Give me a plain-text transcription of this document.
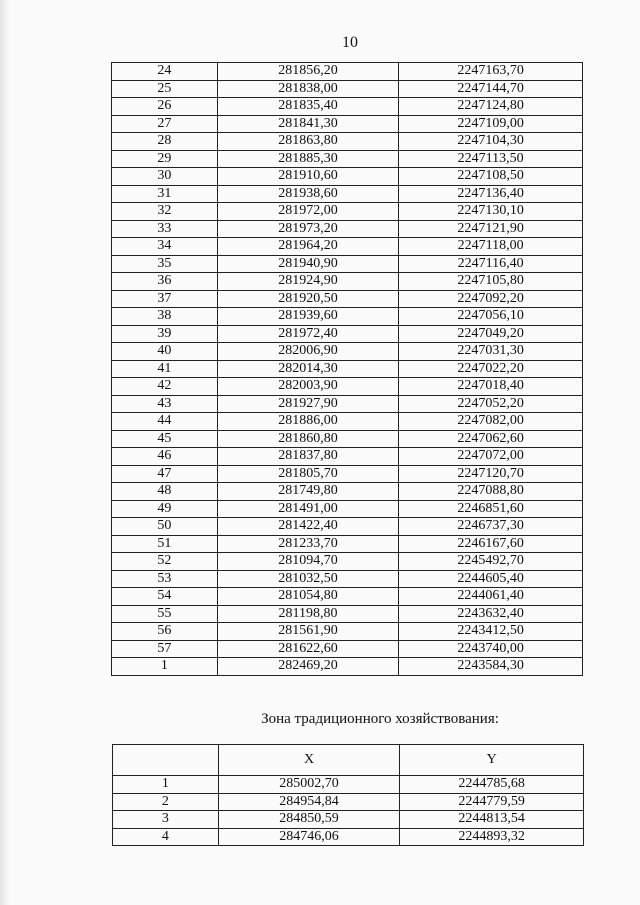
10
24	281856,20	2247163,70
25	281838,00	2247144,70
26	281835,40	2247124,80
27	281841,30	2247109,00
28	281863,80	2247104,30
29	281885,30	2247113,50
30	281910,60	2247108,50
31	281938,60	2247136,40
32	281972,00	2247130,10
33	281973,20	2247121,90
34	281964,20	2247118,00
35	281940,90	2247116,40
36	281924,90	2247105,80
37	281920,50	2247092,20
38	281939,60	2247056,10
39	281972,40	2247049,20
40	282006,90	2247031,30
41	282014,30	2247022,20
42	282003,90	2247018,40
43	281927,90	2247052,20
44	281886,00	2247082,00
45	281860,80	2247062,60
46	281837,80	2247072,00
47	281805,70	2247120,70
48	281749,80	2247088,80
49	281491,00	2246851,60
50	281422,40	2246737,30
51	281233,70	2246167,60
52	281094,70	2245492,70
53	281032,50	2244605,40
54	281054,80	2244061,40
55	281198,80	2243632,40
56	281561,90	2243412,50
57	281622,60	2243740,00
1	282469,20	2243584,30
Зона традиционного хозяйствования:
	X	Y
1	285002,70	2244785,68
2	284954,84	2244779,59
3	284850,59	2244813,54
4	284746,06	2244893,32
